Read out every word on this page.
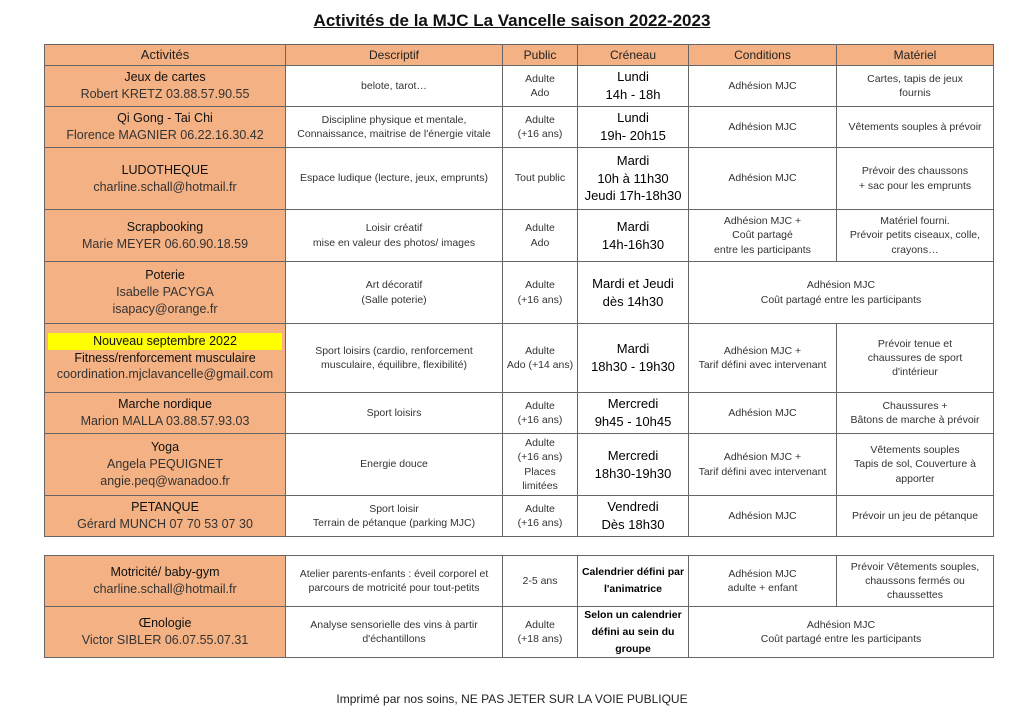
Activités de la MJC La Vancelle saison 2022-2023
Activités	Descriptif	Public	Créneau	Conditions	Matériel

Jeux de cartes
Robert KRETZ 03.88.57.90.55	belote, tarot…	Adulte
Ado	Lundi
14h - 18h	Adhésion MJC	Cartes, tapis de jeux
fournis

Qi Gong - Tai Chi
Florence MAGNIER 06.22.16.30.42	Discipline physique et mentale,
Connaissance, maitrise de l'énergie vitale	Adulte
(+16 ans)	Lundi
19h- 20h15	Adhésion MJC	Vêtements souples à prévoir

LUDOTHEQUE
charline.schall@hotmail.fr	Espace ludique (lecture, jeux, emprunts)	Tout public	Mardi
10h à 11h30
Jeudi 17h-18h30	Adhésion MJC	Prévoir des chaussons
+ sac pour les emprunts

Scrapbooking
Marie MEYER 06.60.90.18.59	Loisir créatif
mise en valeur des photos/ images	Adulte
Ado	Mardi
14h-16h30	Adhésion MJC +
Coût partagé
entre les participants	Matériel fourni.
Prévoir petits ciseaux, colle,
crayons…

Poterie
Isabelle PACYGA
isapacy@orange.fr	Art décoratif
(Salle poterie)	Adulte
(+16 ans)	Mardi et Jeudi
dès 14h30	Adhésion MJC
Coût partagé entre les participants	

Nouveau septembre 2022
Fitness/renforcement musculaire
coordination.mjclavancelle@gmail.com	Sport loisirs (cardio, renforcement
musculaire, équilibre, flexibilité)	Adulte
Ado (+14 ans)	Mardi
18h30 - 19h30	Adhésion MJC +
Tarif défini avec intervenant	Prévoir tenue et
chaussures de sport
d'intérieur

Marche nordique
Marion MALLA 03.88.57.93.03	Sport loisirs	Adulte
(+16 ans)	Mercredi
9h45 - 10h45	Adhésion MJC	Chaussures +
Bâtons de marche à prévoir

Yoga
Angela PEQUIGNET
angie.peq@wanadoo.fr	Energie douce	Adulte
(+16 ans)
Places limitées	Mercredi
18h30-19h30	Adhésion MJC +
Tarif défini avec intervenant	Vêtements souples
Tapis de sol, Couverture à
apporter

PETANQUE
Gérard MUNCH 07 70 53 07 30	Sport loisir
Terrain de pétanque (parking MJC)	Adulte
(+16 ans)	Vendredi
Dès 18h30	Adhésion MJC	Prévoir un jeu de pétanque
Motricité/ baby-gym
charline.schall@hotmail.fr	Atelier parents-enfants : éveil corporel et
parcours de motricité pour tout-petits	2-5 ans	Calendrier défini par
l'animatrice	Adhésion MJC
adulte + enfant	Prévoir Vêtements souples,
chaussons fermés ou
chaussettes

Œnologie
Victor SIBLER 06.07.55.07.31	Analyse sensorielle des vins à partir
d'échantillons	Adulte
(+18 ans)	Selon un calendrier
défini au sein du
groupe	Adhésion MJC
Coût partagé entre les participants	
Imprimé par nos soins, NE PAS JETER SUR LA VOIE PUBLIQUE
